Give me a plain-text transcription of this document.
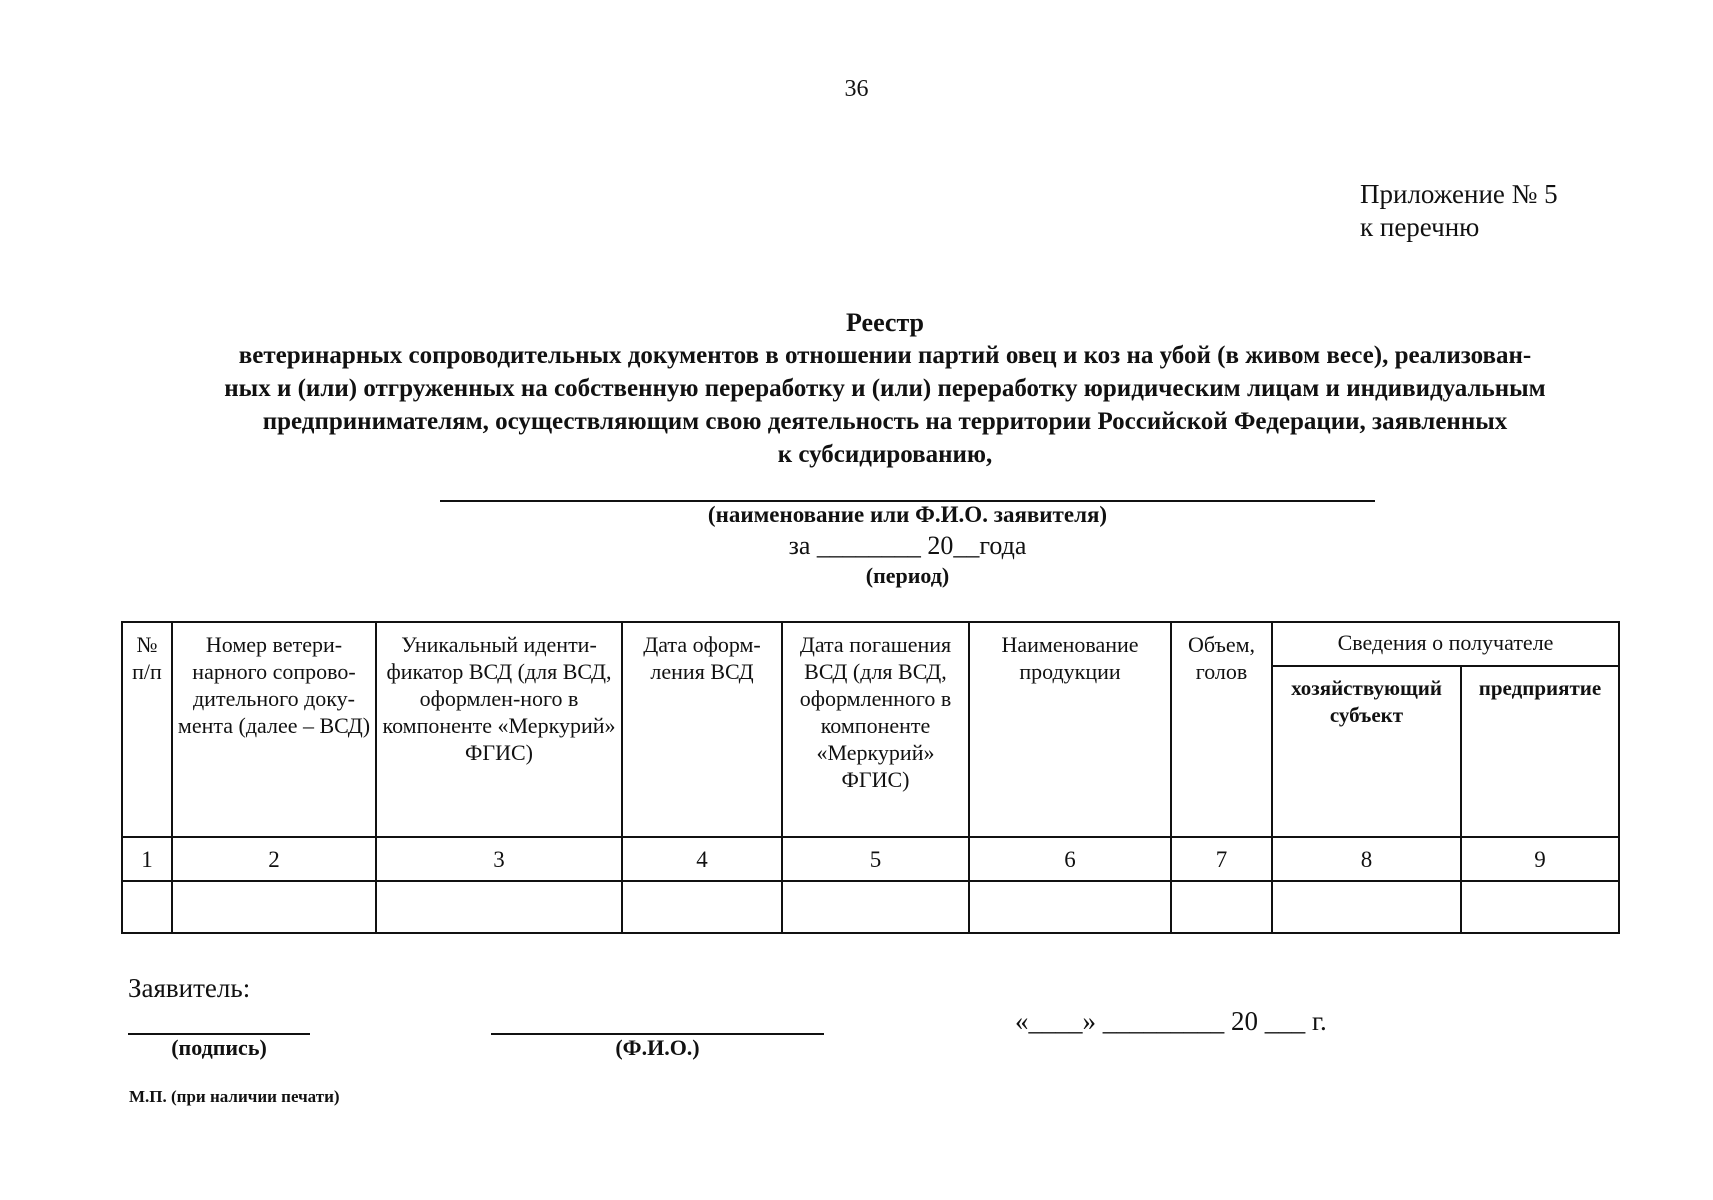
36
Приложение № 5
к перечню
Реестр
ветеринарных сопроводительных документов в отношении партий овец и коз на убой (в живом весе), реализован-
ных и (или) отгруженных на собственную переработку и (или) переработку юридическим лицам и индивидуальным
предпринимателям, осуществляющим свою деятельность на территории Российской Федерации, заявленных
к субсидированию,
(наименование или Ф.И.О. заявителя)
за ________ 20__года
(период)
№ п/п	Номер ветери-нарного сопрово-дительного доку-мента (далее – ВСД)	Уникальный иденти-фикатор ВСД (для ВСД, оформлен-ного в компоненте «Меркурий» ФГИС)	Дата оформ-ления ВСД	Дата погашения ВСД (для ВСД, оформленного в компоненте «Меркурий» ФГИС)	Наименование продукции	Объем, голов	Сведения о получателе	
							хозяйствующий субъект	предприятие
1	2	3	4	5	6	7	8	9

Заявитель:
(подпись)	(Ф.И.О.)
«____» _________ 20 ___ г.
М.П. (при наличии печати)
